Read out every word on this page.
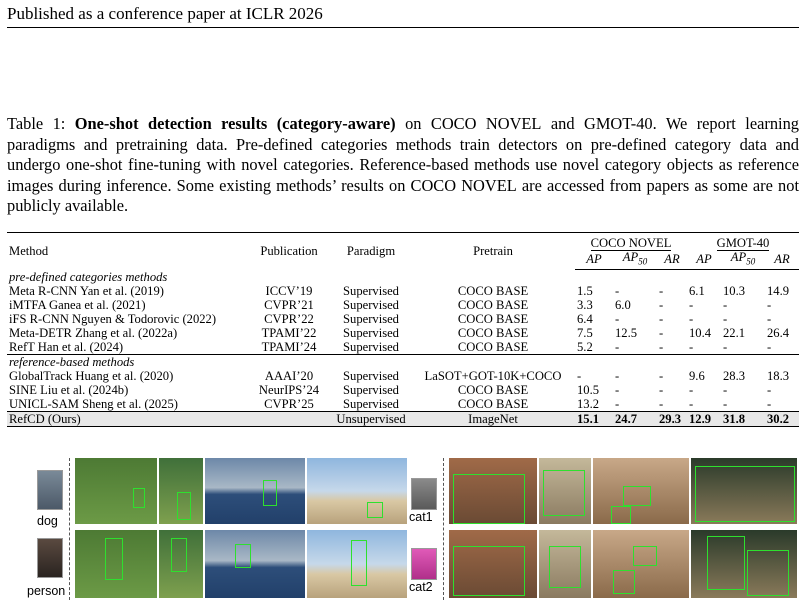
Published as a conference paper at ICLR 2026
Table 1: One-shot detection results (category-aware) on COCO NOVEL and GMOT-40. We report learning paradigms and pretraining data. Pre-defined categories methods train detectors on pre-defined category data and undergo one-shot fine-tuning with novel categories. Reference-based methods use novel category objects as reference images during inference. Some existing methods’ results on COCO NOVEL are accessed from papers as some are not publicly available.
Method	Publication	Paradigm	Pretrain	COCO NOVEL			GMOT-40		
				AP	$AP_{50}$	AR	AP	$AP_{50}$	AR
pre-defined categories methods									
Meta R-CNN Yan et al. (2019)	ICCV’19	Supervised	COCO BASE	1.5	-	-	6.1	10.3	14.9
iMTFA Ganea et al. (2021)	CVPR’21	Supervised	COCO BASE	3.3	6.0	-	-	-	-
iFS R-CNN Nguyen & Todorovic (2022)	CVPR’22	Supervised	COCO BASE	6.4	-	-	-	-	-
Meta-DETR Zhang et al. (2022a)	TPAMI’22	Supervised	COCO BASE	7.5	12.5	-	10.4	22.1	26.4
RefT Han et al. (2024)	TPAMI’24	Supervised	COCO BASE	5.2	-	-	-	-	-
reference-based methods									
GlobalTrack Huang et al. (2020)	AAAI’20	Supervised	LaSOT+GOT-10K+COCO	-	-	-	9.6	28.3	18.3
SINE Liu et al. (2024b)	NeurIPS’24	Supervised	COCO BASE	10.5	-	-	-	-	-
UNICL-SAM Sheng et al. (2025)	CVPR’25	Supervised	COCO BASE	13.2	-	-	-	-	-
RefCD (Ours)		Unsupervised	ImageNet	15.1	24.7	29.3	12.9	31.8	30.2
dog
person
cat1
cat2
